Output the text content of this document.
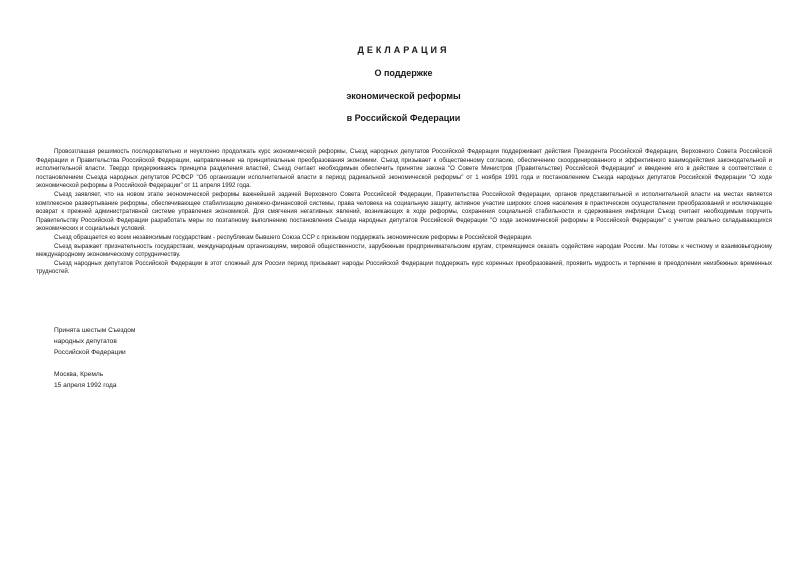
ДЕКЛАРАЦИЯ
О поддержке
экономической реформы
в Российской Федерации

Провозглашая решимость последовательно и неуклонно продолжать курс экономической реформы, Съезд народных депутатов Российской Федерации поддерживает действия Президента Российской Федерации, Верховного Совета Российской Федерации и Правительства Российской Федерации, направленные на принципиальные преобразования экономики. Съезд призывает к общественному согласию, обеспечению скоординированного и эффективного взаимодействия законодательной и исполнительной власти. Твердо придерживаясь принципа разделения властей, Съезд считает необходимым обеспечить принятие закона "О Совете Министров (Правительстве) Российской Федерации" и введение его в действие в соответствии с постановлением Съезда народных депутатов РСФСР "Об организации исполнительной власти в период радикальной экономической реформы" от 1 ноября 1991 года и постановлением Съезда народных депутатов Российской Федерации "О ходе экономической реформы в Российской Федерации" от 11 апреля 1992 года.

Съезд заявляет, что на новом этапе экономической реформы важнейшей задачей Верховного Совета Российской Федерации, Правительства Российской Федерации, органов представительной и исполнительной власти на местах является комплексное развертывание реформы, обеспечивающее стабилизацию денежно-финансовой системы, права человека на социальную защиту, активное участие широких слоев населения в практическом осуществлении преобразований и исключающее возврат к прежней административной системе управления экономикой. Для смягчения негативных явлений, возникающих в ходе реформы, сохранения социальной стабильности и сдерживания инфляции Съезд считает необходимым поручить Правительству Российской Федерации разработать меры по поэтапному выполнению постановления Съезда народных депутатов Российской Федерации "О ходе экономической реформы в Российской Федерации" с учетом реально складывающихся экономических и социальных условий.

Съезд обращается ко всем независимым государствам - республикам бывшего Союза ССР с призывом поддержать экономические реформы в Российской Федерации.

Съезд выражает признательность государствам, международным организациям, мировой общественности, зарубежным предпринимательским кругам, стремящимся оказать содействие народам России. Мы готовы к честному и взаимовыгодному международному экономическому сотрудничеству.

Съезд народных депутатов Российской Федерации в этот сложный для России период призывает народы Российской Федерации поддержать курс коренных преобразований, проявить мудрость и терпение в преодолении неизбежных временных трудностей.

Принята шестым Съездом
народных депутатов
Российской Федерации
Москва, Кремль
15 апреля 1992 года
